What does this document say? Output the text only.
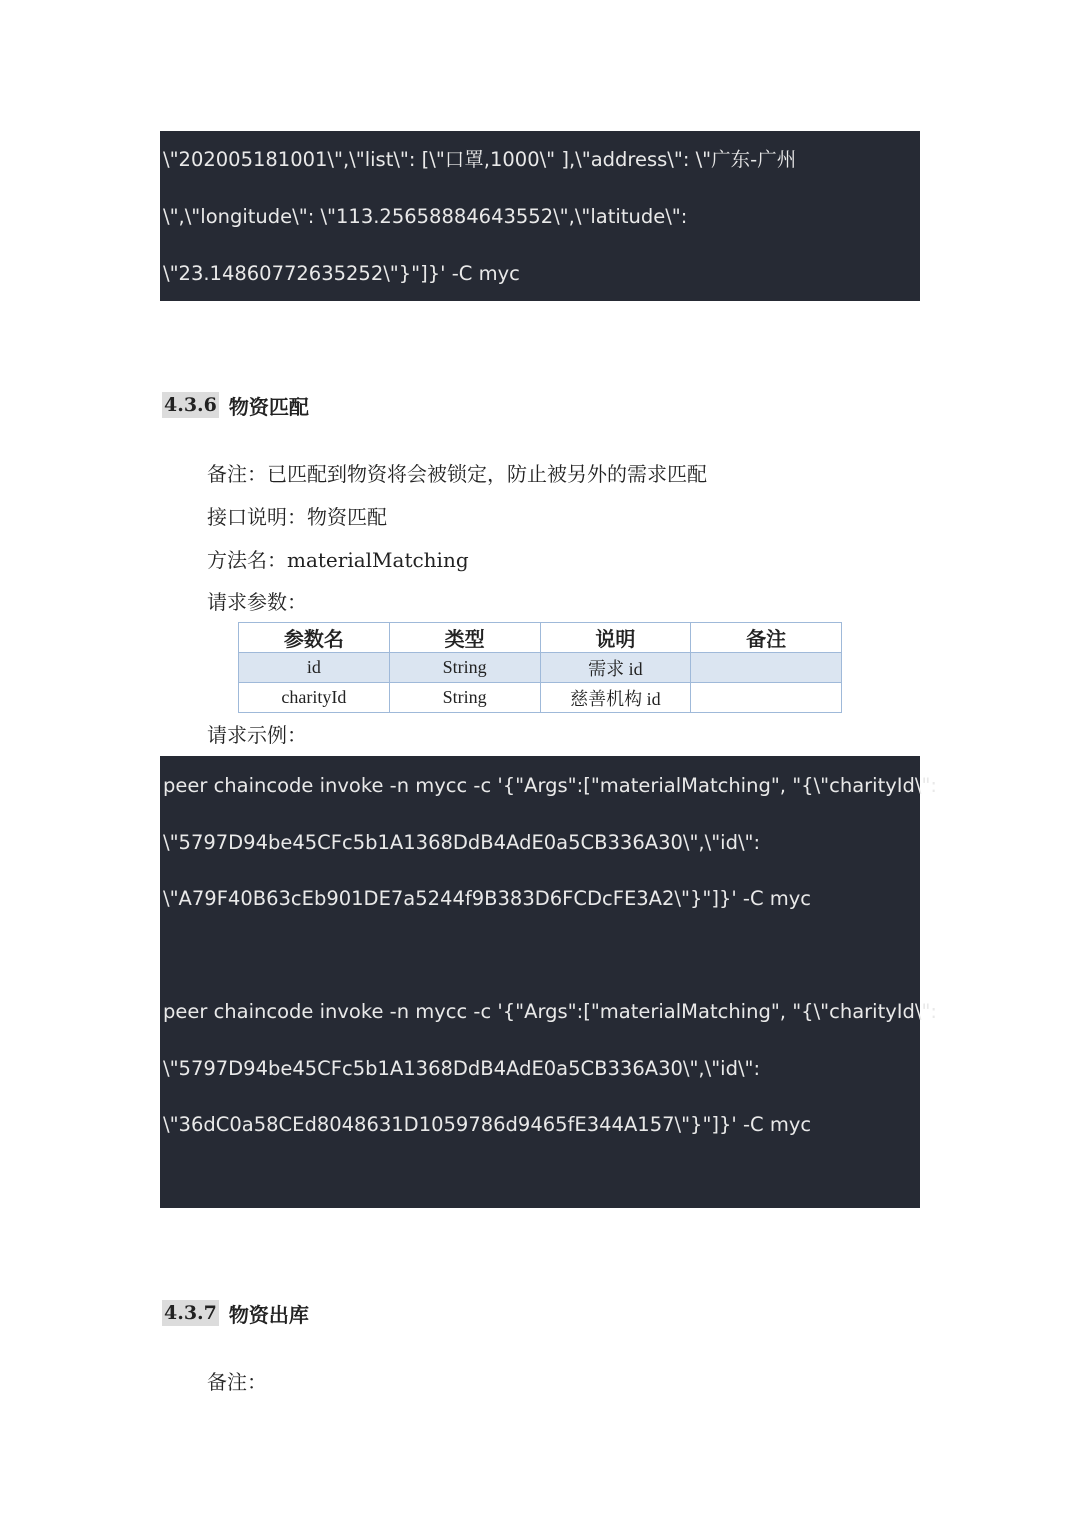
\"202005181001\",\"list\": [\"口罩,1000\" ],\"address\": \"广东-广州
\",\"longitude\": \"113.25658884643552\",\"latitude\":
\"23.14860772635252\"}"]}' -C myc
4.3.6 物资匹配
备注：已匹配到物资将会被锁定，防止被另外的需求匹配
接口说明：物资匹配
方法名：materialMatching
请求参数：
参数名	类型	说明	备注
id	String	需求 id	
charityId	String	慈善机构 id	
请求示例：
peer chaincode invoke -n mycc -c '{"Args":["materialMatching", "{\"charityId\":
\"5797D94be45CFc5b1A1368DdB4AdE0a5CB336A30\",\"id\":
\"A79F40B63cEb901DE7a5244f9B383D6FCDcFE3A2\"}"]}' -C myc
peer chaincode invoke -n mycc -c '{"Args":["materialMatching", "{\"charityId\":
\"5797D94be45CFc5b1A1368DdB4AdE0a5CB336A30\",\"id\":
\"36dC0a58CEd8048631D1059786d9465fE344A157\"}"]}' -C myc
4.3.7 物资出库
备注：
